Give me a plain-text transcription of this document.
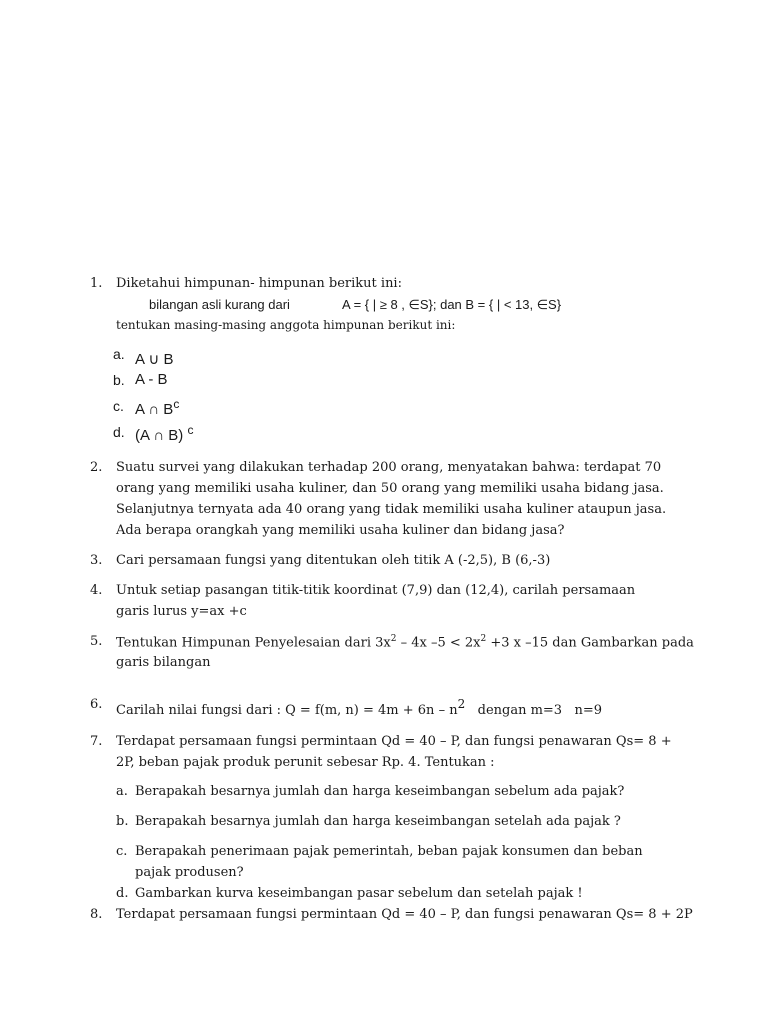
1. Diketahui himpunan- himpunan berikut ini:
bilangan asli kurang dari	A = { | ≥ 8 , ∈S}; dan B = { | < 13, ∈S}
tentukan masing-masing anggota himpunan berikut ini:
a. A ∪ B
b. A - B
c. A ∩ $B^c$
d. (A ∩ B) $^c$
2. Suatu survei yang dilakukan terhadap 200 orang, menyatakan bahwa: terdapat 70
orang yang memiliki usaha kuliner, dan 50 orang yang memiliki usaha bidang jasa.
Selanjutnya ternyata ada 40 orang yang tidak memiliki usaha kuliner ataupun jasa.
Ada berapa orangkah yang memiliki usaha kuliner dan bidang jasa?
3. Cari persamaan fungsi yang ditentukan oleh titik A (-2,5), B (6,-3)
4. Untuk setiap pasangan titik-titik koordinat (7,9) dan (12,4), carilah persamaan
garis lurus y=ax +c
5. Tentukan Himpunan Penyelesaian dari $3x^2 - 4x$ $-5 < 2x^2 +3$ x –15 dan Gambarkan pada
garis bilangan
6. Carilah nilai fungsi dari : Q = f(m, $n) = 4m + 6n - n^2$   dengan m=3   n=9
7. Terdapat persamaan fungsi permintaan Qd = 40 – P, dan fungsi penawaran Qs= 8 +
2P, beban pajak produk perunit sebesar Rp. 4. Tentukan :
a. Berapakah besarnya jumlah dan harga keseimbangan sebelum ada pajak?
b. Berapakah besarnya jumlah dan harga keseimbangan setelah ada pajak ?
c. Berapakah penerimaan pajak pemerintah, beban pajak konsumen dan beban
pajak produsen?
d. Gambarkan kurva keseimbangan pasar sebelum dan setelah pajak !
8. Terdapat persamaan fungsi permintaan Qd = 40 – P, dan fungsi penawaran Qs= 8 + 2P
